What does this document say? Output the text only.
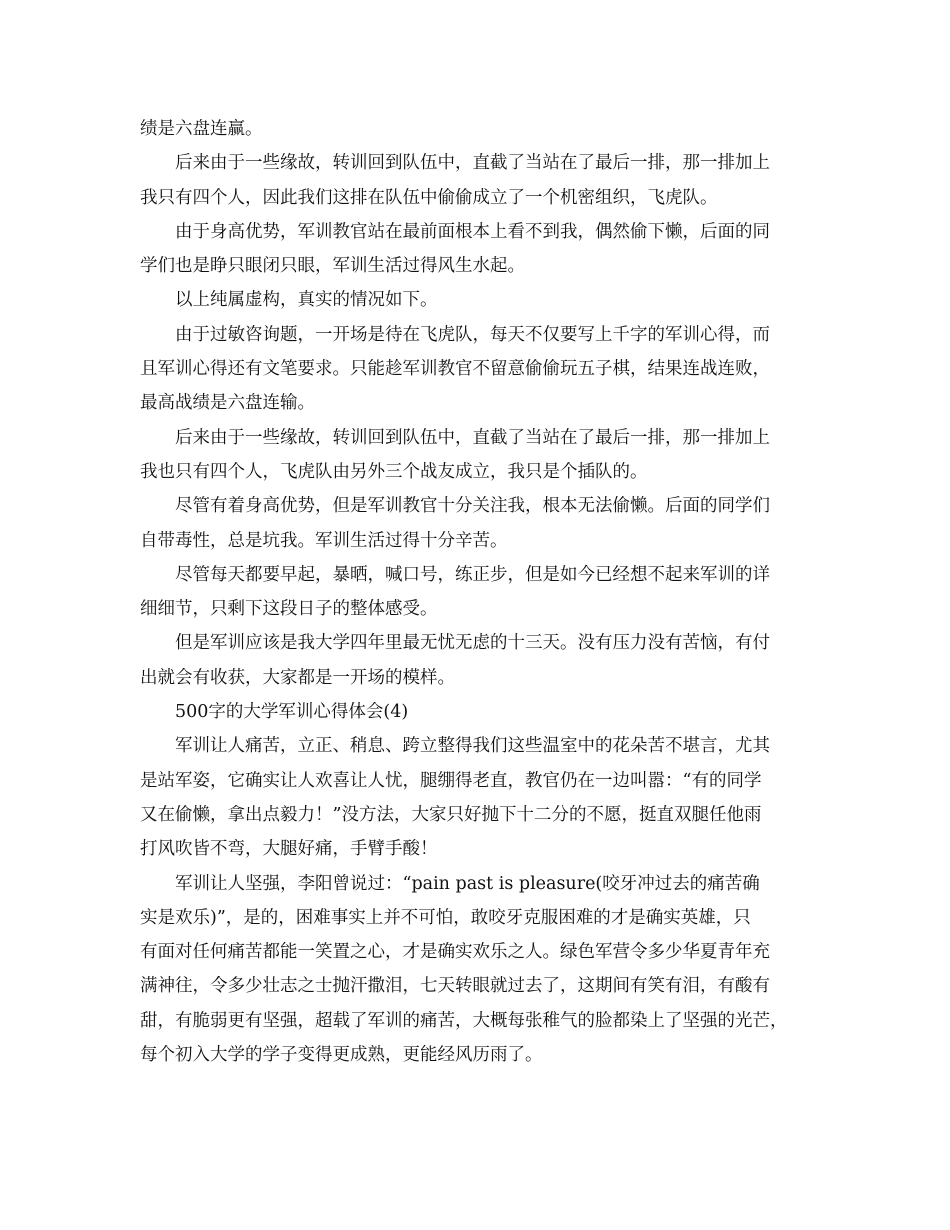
绩是六盘连赢。

后来由于一些缘故，转训回到队伍中，直截了当站在了最后一排，那一排加上
我只有四个人，因此我们这排在队伍中偷偷成立了一个机密组织，飞虎队。

由于身高优势，军训教官站在最前面根本上看不到我，偶然偷下懒，后面的同
学们也是睁只眼闭只眼，军训生活过得风生水起。

以上纯属虚构，真实的情况如下。

由于过敏咨询题，一开场是待在飞虎队，每天不仅要写上千字的军训心得，而
且军训心得还有文笔要求。只能趁军训教官不留意偷偷玩五子棋，结果连战连败，
最高战绩是六盘连输。

后来由于一些缘故，转训回到队伍中，直截了当站在了最后一排，那一排加上
我也只有四个人，飞虎队由另外三个战友成立，我只是个插队的。

尽管有着身高优势，但是军训教官十分关注我，根本无法偷懒。后面的同学们
自带毒性，总是坑我。军训生活过得十分辛苦。

尽管每天都要早起，暴晒，喊口号，练正步，但是如今已经想不起来军训的详
细细节，只剩下这段日子的整体感受。

但是军训应该是我大学四年里最无忧无虑的十三天。没有压力没有苦恼，有付
出就会有收获，大家都是一开场的模样。

500字的大学军训心得体会(4)

军训让人痛苦，立正、稍息、跨立整得我们这些温室中的花朵苦不堪言，尤其
是站军姿，它确实让人欢喜让人忧，腿绷得老直，教官仍在一边叫嚣：“有的同学
又在偷懒，拿出点毅力！”没方法，大家只好抛下十二分的不愿，挺直双腿任他雨
打风吹皆不弯，大腿好痛，手臂手酸！

军训让人坚强，李阳曾说过：“pain past is pleasure(咬牙冲过去的痛苦确
实是欢乐)”，是的，困难事实上并不可怕，敢咬牙克服困难的才是确实英雄，只
有面对任何痛苦都能一笑置之心，才是确实欢乐之人。绿色军营令多少华夏青年充
满神往，令多少壮志之士抛汗撒泪，七天转眼就过去了，这期间有笑有泪，有酸有
甜，有脆弱更有坚强，超载了军训的痛苦，大概每张稚气的脸都染上了坚强的光芒，
每个初入大学的学子变得更成熟，更能经风历雨了。
